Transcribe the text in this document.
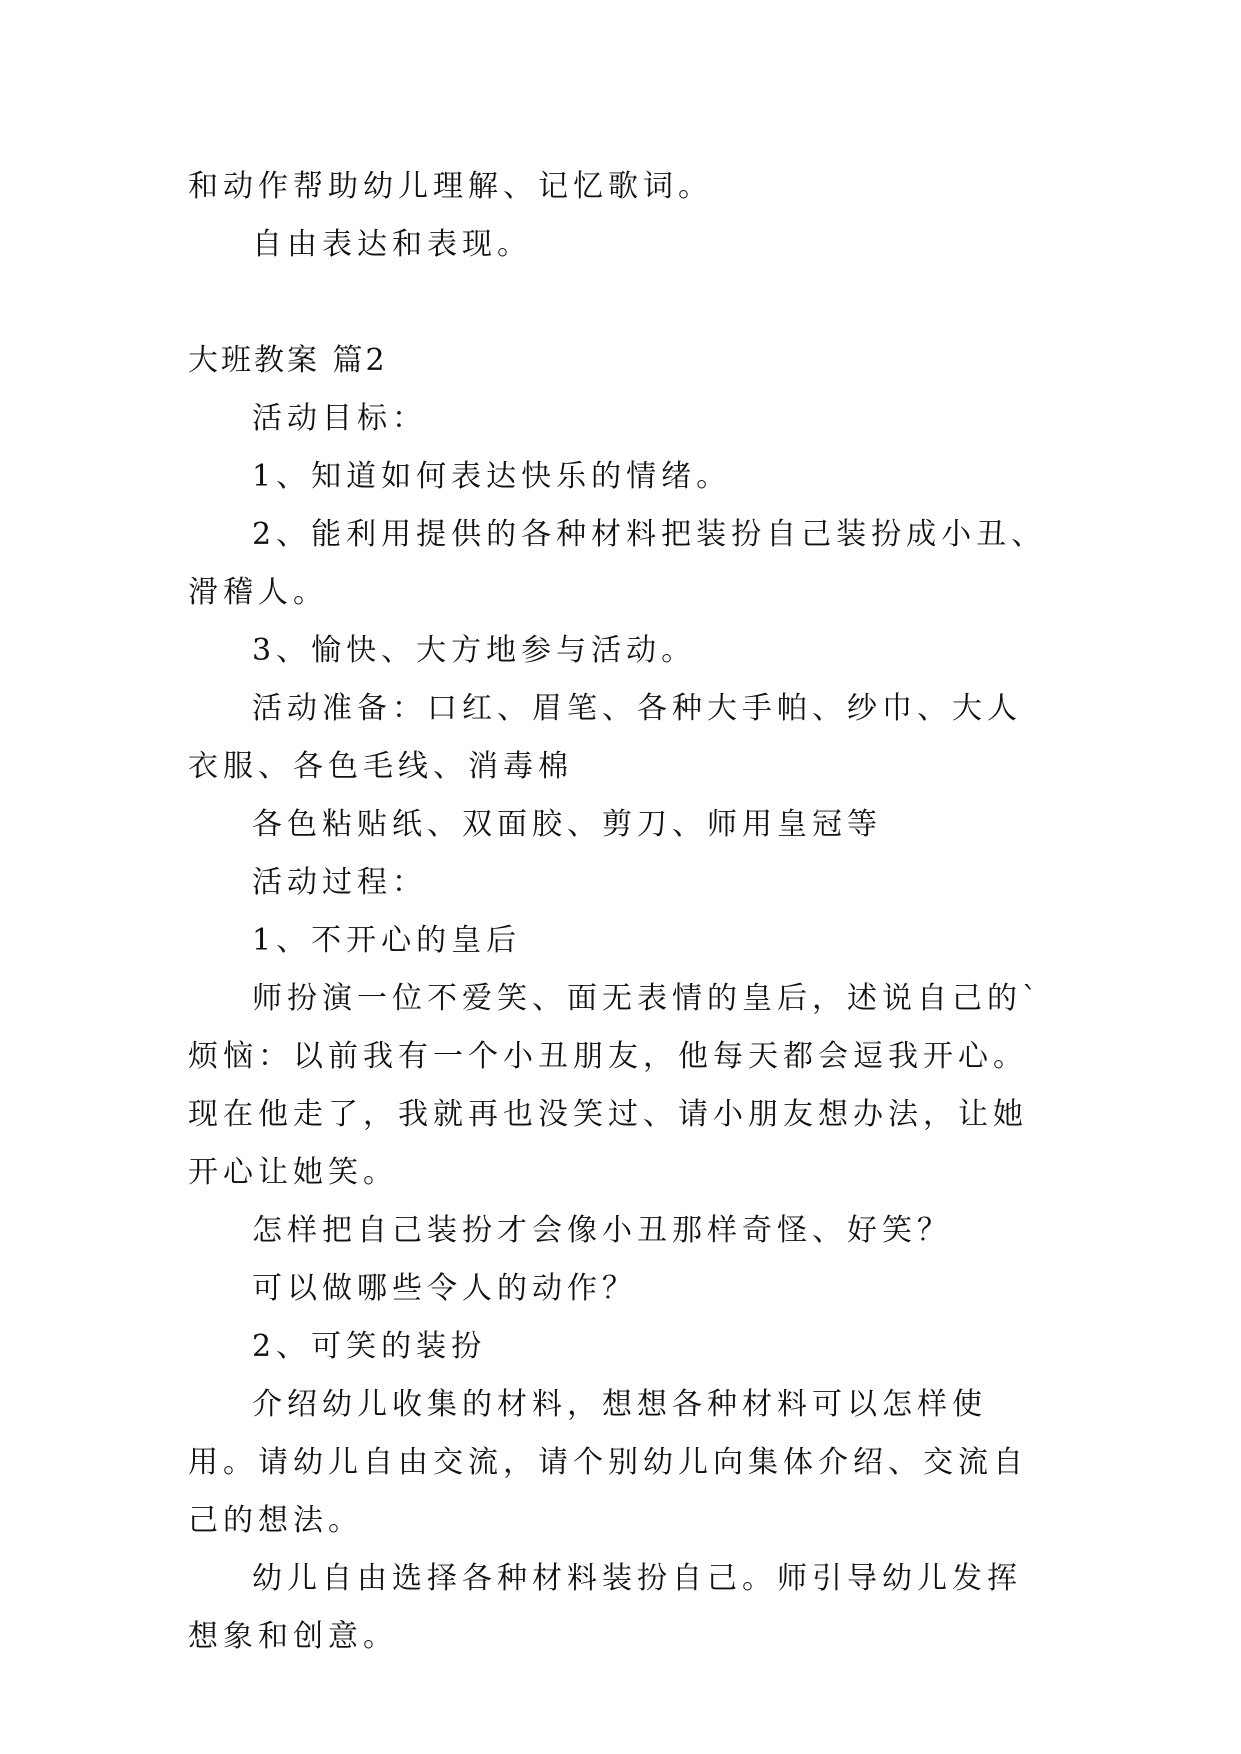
和动作帮助幼儿理解、记忆歌词。

自由表达和表现。

大班教案 篇2

活动目标：

1、知道如何表达快乐的情绪。

2、能利用提供的各种材料把装扮自己装扮成小丑、滑稽人。

3、愉快、大方地参与活动。

活动准备：口红、眉笔、各种大手帕、纱巾、大人衣服、各色毛线、消毒棉

各色粘贴纸、双面胶、剪刀、师用皇冠等

活动过程：

1、不开心的皇后

师扮演一位不爱笑、面无表情的皇后，述说自己的`烦恼：以前我有一个小丑朋友，他每天都会逗我开心。现在他走了，我就再也没笑过、请小朋友想办法，让她开心让她笑。

怎样把自己装扮才会像小丑那样奇怪、好笑？

可以做哪些令人的动作？

2、可笑的装扮

介绍幼儿收集的材料，想想各种材料可以怎样使用。请幼儿自由交流，请个别幼儿向集体介绍、交流自己的想法。

幼儿自由选择各种材料装扮自己。师引导幼儿发挥想象和创意。
